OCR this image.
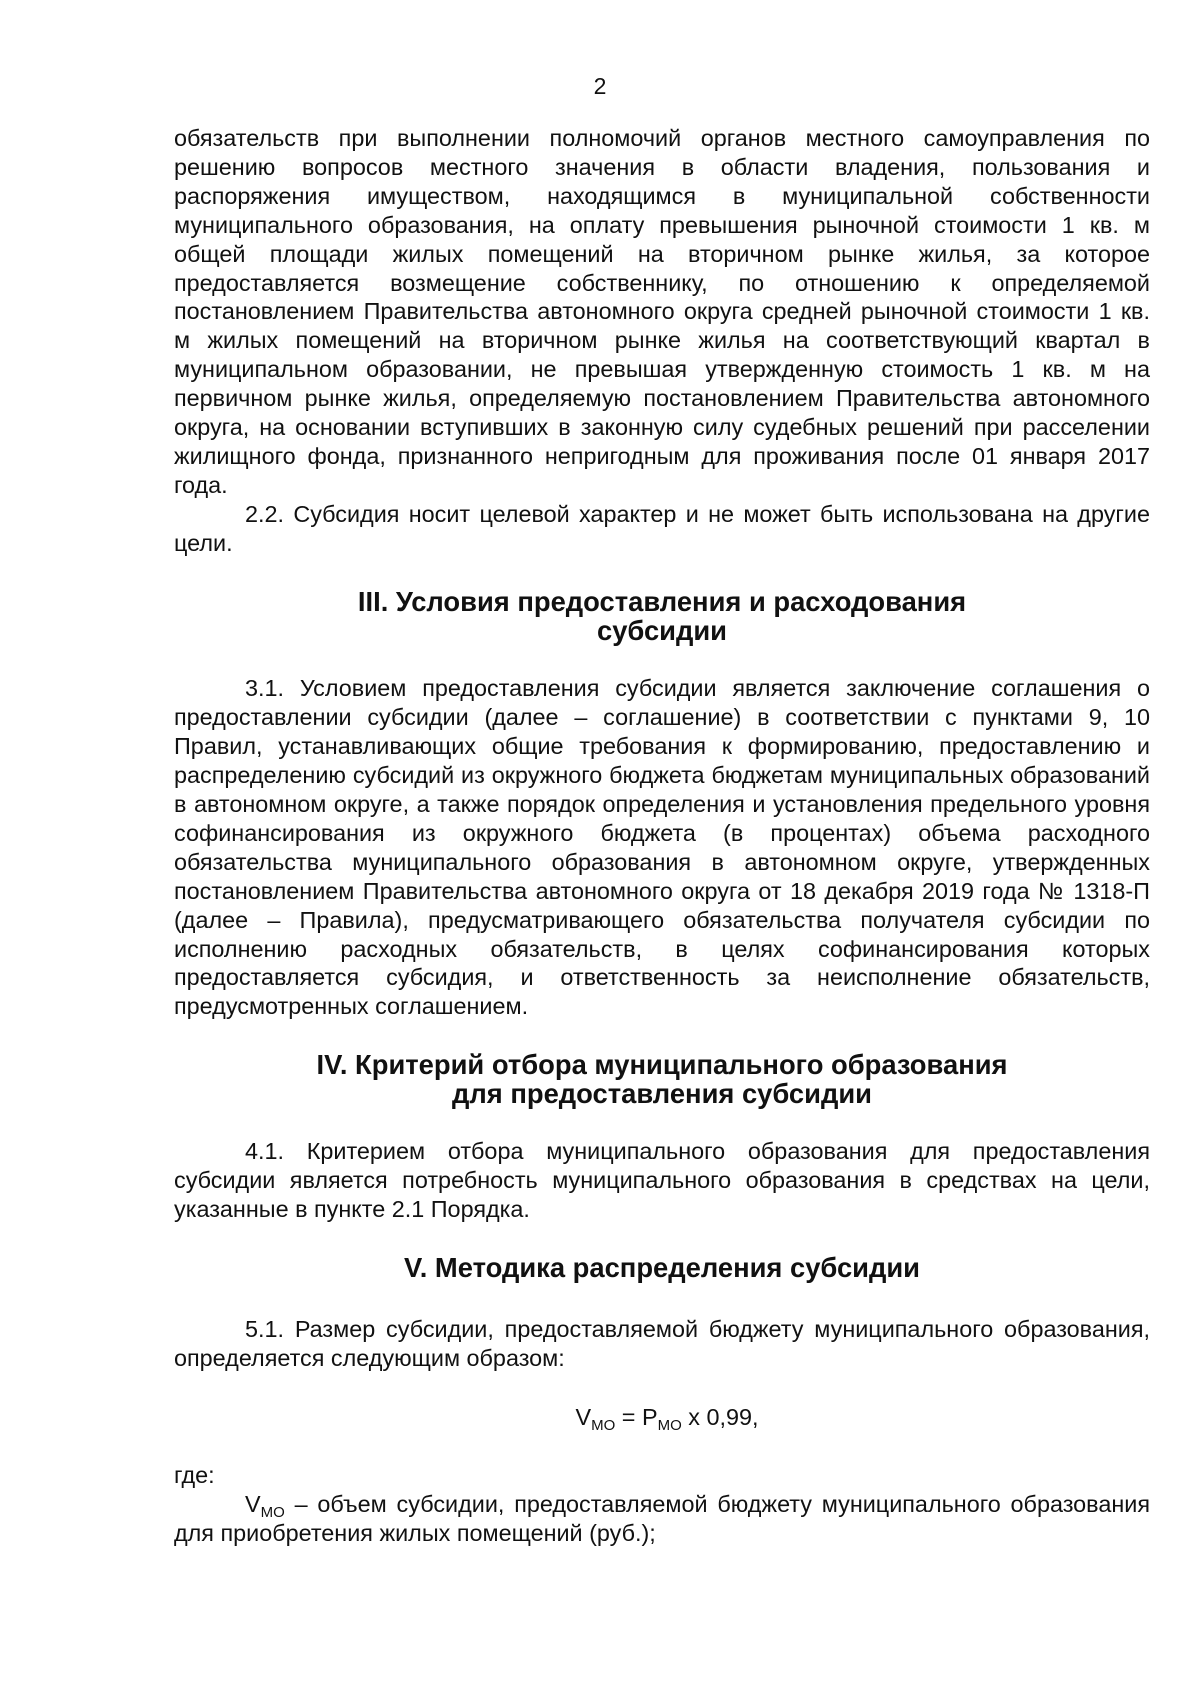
2

обязательств при выполнении полномочий органов местного самоуправления по решению вопросов местного значения в области владения, пользования и распоряжения имуществом, находящимся в муниципальной собственности муниципального образования, на оплату превышения рыночной стоимости 1 кв. м общей площади жилых помещений на вторичном рынке жилья, за которое предоставляется возмещение собственнику, по отношению к определяемой постановлением Правительства автономного округа средней рыночной стоимости 1 кв. м жилых помещений на вторичном рынке жилья на соответствующий квартал в муниципальном образовании, не превышая утвержденную стоимость 1 кв. м на первичном рынке жилья, определяемую постановлением Правительства автономного округа, на основании вступивших в законную силу судебных решений при расселении жилищного фонда, признанного непригодным для проживания после 01 января 2017 года.

2.2. Субсидия носит целевой характер и не может быть использована на другие цели.

III. Условия предоставления и расходования
субсидии

3.1. Условием предоставления субсидии является заключение соглашения о предоставлении субсидии (далее – соглашение) в соответствии с пунктами 9, 10 Правил, устанавливающих общие требования к формированию, предоставлению и распределению субсидий из окружного бюджета бюджетам муниципальных образований в автономном округе, а также порядок определения и установления предельного уровня софинансирования из окружного бюджета (в процентах) объема расходного обязательства муниципального образования в автономном округе, утвержденных постановлением Правительства автономного округа от 18 декабря 2019 года № 1318-П (далее – Правила), предусматривающего обязательства получателя субсидии по исполнению расходных обязательств, в целях софинансирования которых предоставляется субсидия, и ответственность за неисполнение обязательств, предусмотренных соглашением.

IV. Критерий отбора муниципального образования
для предоставления субсидии

4.1. Критерием отбора муниципального образования для предоставления субсидии является потребность муниципального образования в средствах на цели, указанные в пункте 2.1 Порядка.

V. Методика распределения субсидии

5.1. Размер субсидии, предоставляемой бюджету муниципального образования, определяется следующим образом:

$V_{МО} = P_{МО}$ х 0,99,

где:

$V_{МО}$ – объем субсидии, предоставляемой бюджету муниципального образования для приобретения жилых помещений (руб.);
